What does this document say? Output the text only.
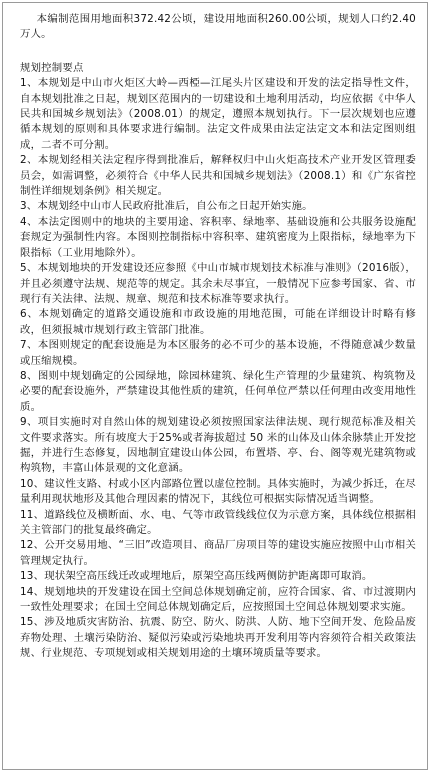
本编制范围用地面积372.42公顷，建设用地面积260.00公顷，规划人口约2.40万人。

规划控制要点

1、本规划是中山市火炬区大岭—西椏—江尾头片区建设和开发的法定指导性文件，自本规划批准之日起，规划区范围内的一切建设和土地利用活动，均应依据《中华人民共和国城乡规划法》（2008.01）的规定，遵照本规划执行。下一层次规划也应遵循本规划的原则和具体要求进行编制。法定文件成果由法定法定文本和法定图则组成，二者不可分割。

2、本规划经相关法定程序得到批准后，解释权归中山火炬高技术产业开发区管理委员会，如需调整，必须符合《中华人民共和国城乡规划法》（2008.1）和《广东省控制性详细规划条例》相关规定。

3、本规划经中山市人民政府批准后，自公布之日起开始实施。

4、本法定图则中的地块的主要用途、容积率、绿地率、基础设施和公共服务设施配套规定为强制性内容。本图则控制指标中容积率、建筑密度为上限指标，绿地率为下限指标（工业用地除外）。

5、本规划地块的开发建设还应参照《中山市城市规划技术标准与准则》（2016版），并且必须遵守法规、规范等的规定。其余未尽事宜，一般情况下应参考国家、省、市现行有关法律、法规、规章、规范和技术标准等要求执行。

6、本规划确定的道路交通设施和市政设施的用地范围，可能在详细设计时略有修改，但须报城市规划行政主管部门批准。

7、本图则规定的配套设施是为本区服务的必不可少的基本设施，不得随意减少数量或压缩规模。

8、图则中规划确定的公园绿地，除园林建筑、绿化生产管理的少量建筑、构筑物及必要的配套设施外，严禁建设其他性质的建筑，任何单位严禁以任何理由改变用地性质。

9、项目实施时对自然山体的规划建设必须按照国家法律法规、现行规范标准及相关文件要求落实。所有坡度大于25%或者海拔超过 50 米的山体及山体余脉禁止开发挖掘，并进行生态修复，因地制宜建设山体公园，布置塔、亭、台、阁等观光建筑物或构筑物，丰富山体景观的文化意涵。

10、建议性支路、村或小区内部路位置以虚位控制。具体实施时，为减少拆迁，在尽量利用现状地形及其他合理因素的情况下，其线位可根据实际情况适当调整。

11、道路线位及横断面、水、电、气等市政管线线位仅为示意方案，具体线位根据相关主管部门的批复最终确定。

12、公开交易用地、“三旧”改造项目、商品厂房项目等的建设实施应按照中山市相关管理规定执行。

13、现状架空高压线迁改或埋地后，原架空高压线两侧防护距离即可取消。

14、规划地块的开发建设在国土空间总体规划确定前，应符合国家、省、市过渡期内一致性处理要求；在国土空间总体规划确定后，应按照国土空间总体规划要求实施。

15、涉及地质灾害防治、抗震、防空、防火、防洪、人防、地下空间开发、危险品废弃物处理、土壤污染防治、疑似污染或污染地块再开发利用等内容须符合相关政策法规、行业规范、专项规划或相关规划用途的土壤环境质量等要求。
